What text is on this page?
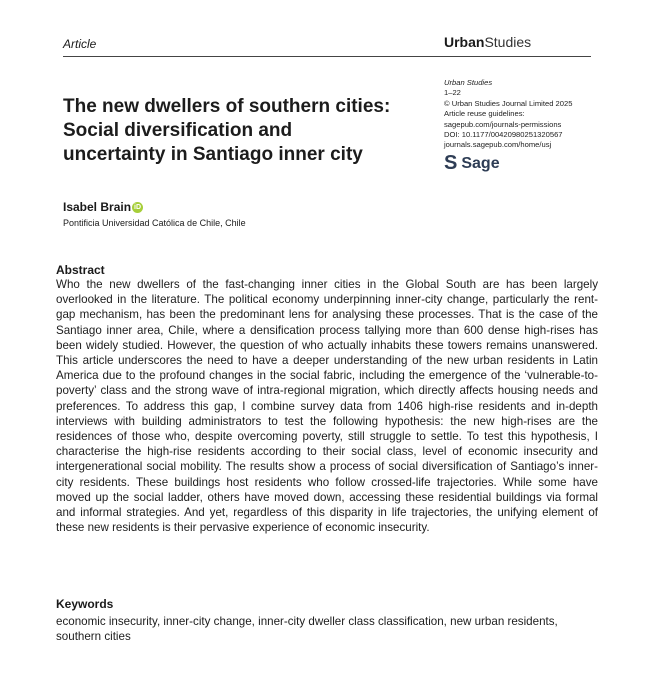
Article	UrbanStudies
The new dwellers of southern cities: Social diversification and uncertainty in Santiago inner city
Urban Studies
1–22
© Urban Studies Journal Limited 2025
Article reuse guidelines:
sagepub.com/journals-permissions
DOI: 10.1177/00420980251320567
journals.sagepub.com/home/usj
S Sage
Isabel Brain iD
Pontificia Universidad Católica de Chile, Chile
Abstract
Who the new dwellers of the fast-changing inner cities in the Global South are has been largely overlooked in the literature. The political economy underpinning inner-city change, particularly the rent-gap mechanism, has been the predominant lens for analysing these processes. That is the case of the Santiago inner area, Chile, where a densification process tallying more than 600 dense high-rises has been widely studied. However, the question of who actually inhabits these towers remains unanswered. This article underscores the need to have a deeper understanding of the new urban residents in Latin America due to the profound changes in the social fabric, including the emergence of the ‘vulnerable-to-poverty’ class and the strong wave of intra-regional migration, which directly affects housing needs and preferences. To address this gap, I combine survey data from 1406 high-rise residents and in-depth interviews with building administrators to test the following hypothesis: the new high-rises are the residences of those who, despite overcoming poverty, still struggle to settle. To test this hypothesis, I characterise the high-rise residents according to their social class, level of economic insecurity and intergenerational social mobility. The results show a process of social diversification of Santiago’s inner-city residents. These buildings host residents who follow crossed-life trajectories. While some have moved up the social ladder, others have moved down, accessing these residential buildings via formal and informal strategies. And yet, regardless of this disparity in life trajectories, the unifying element of these new residents is their pervasive experience of economic insecurity.
Keywords
economic insecurity, inner-city change, inner-city dweller class classification, new urban residents, southern cities
